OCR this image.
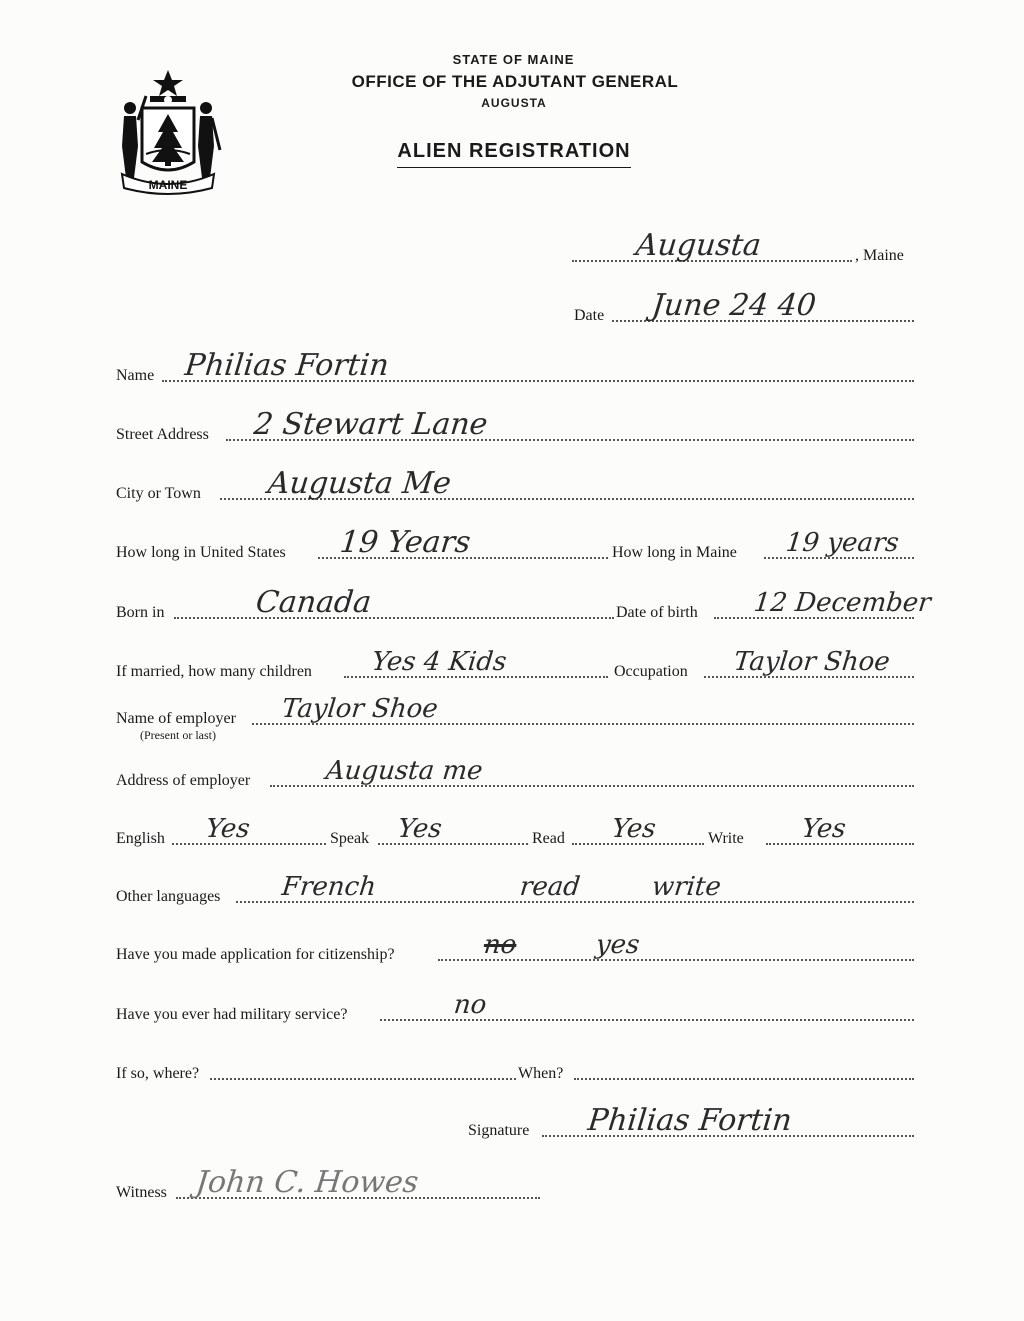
MAINE
STATE OF MAINE
OFFICE OF THE ADJUTANT GENERAL
AUGUSTA
ALIEN REGISTRATION
Augusta	, Maine
Date June 24 40
Name Philias Fortin
Street Address 2 Stewart Lane
City or Town Augusta Me
How long in United States 19 Years	How long in Maine 19 years
Born in	Canada	Date of birth 12 December
If married, how many children Yes 4 Kids	Occupation Taylor Shoe
Name of employer Taylor Shoe
(Present or last)
Address of employer	Augusta me
English Yes	Speak Yes	Read Yes	Write Yes
Other languages French	read	write
Have you made application for citizenship?	no	yes
Have you ever had military service?	no
If so, where?	When?
Signature Philias Fortin
Witness John C. Howes
